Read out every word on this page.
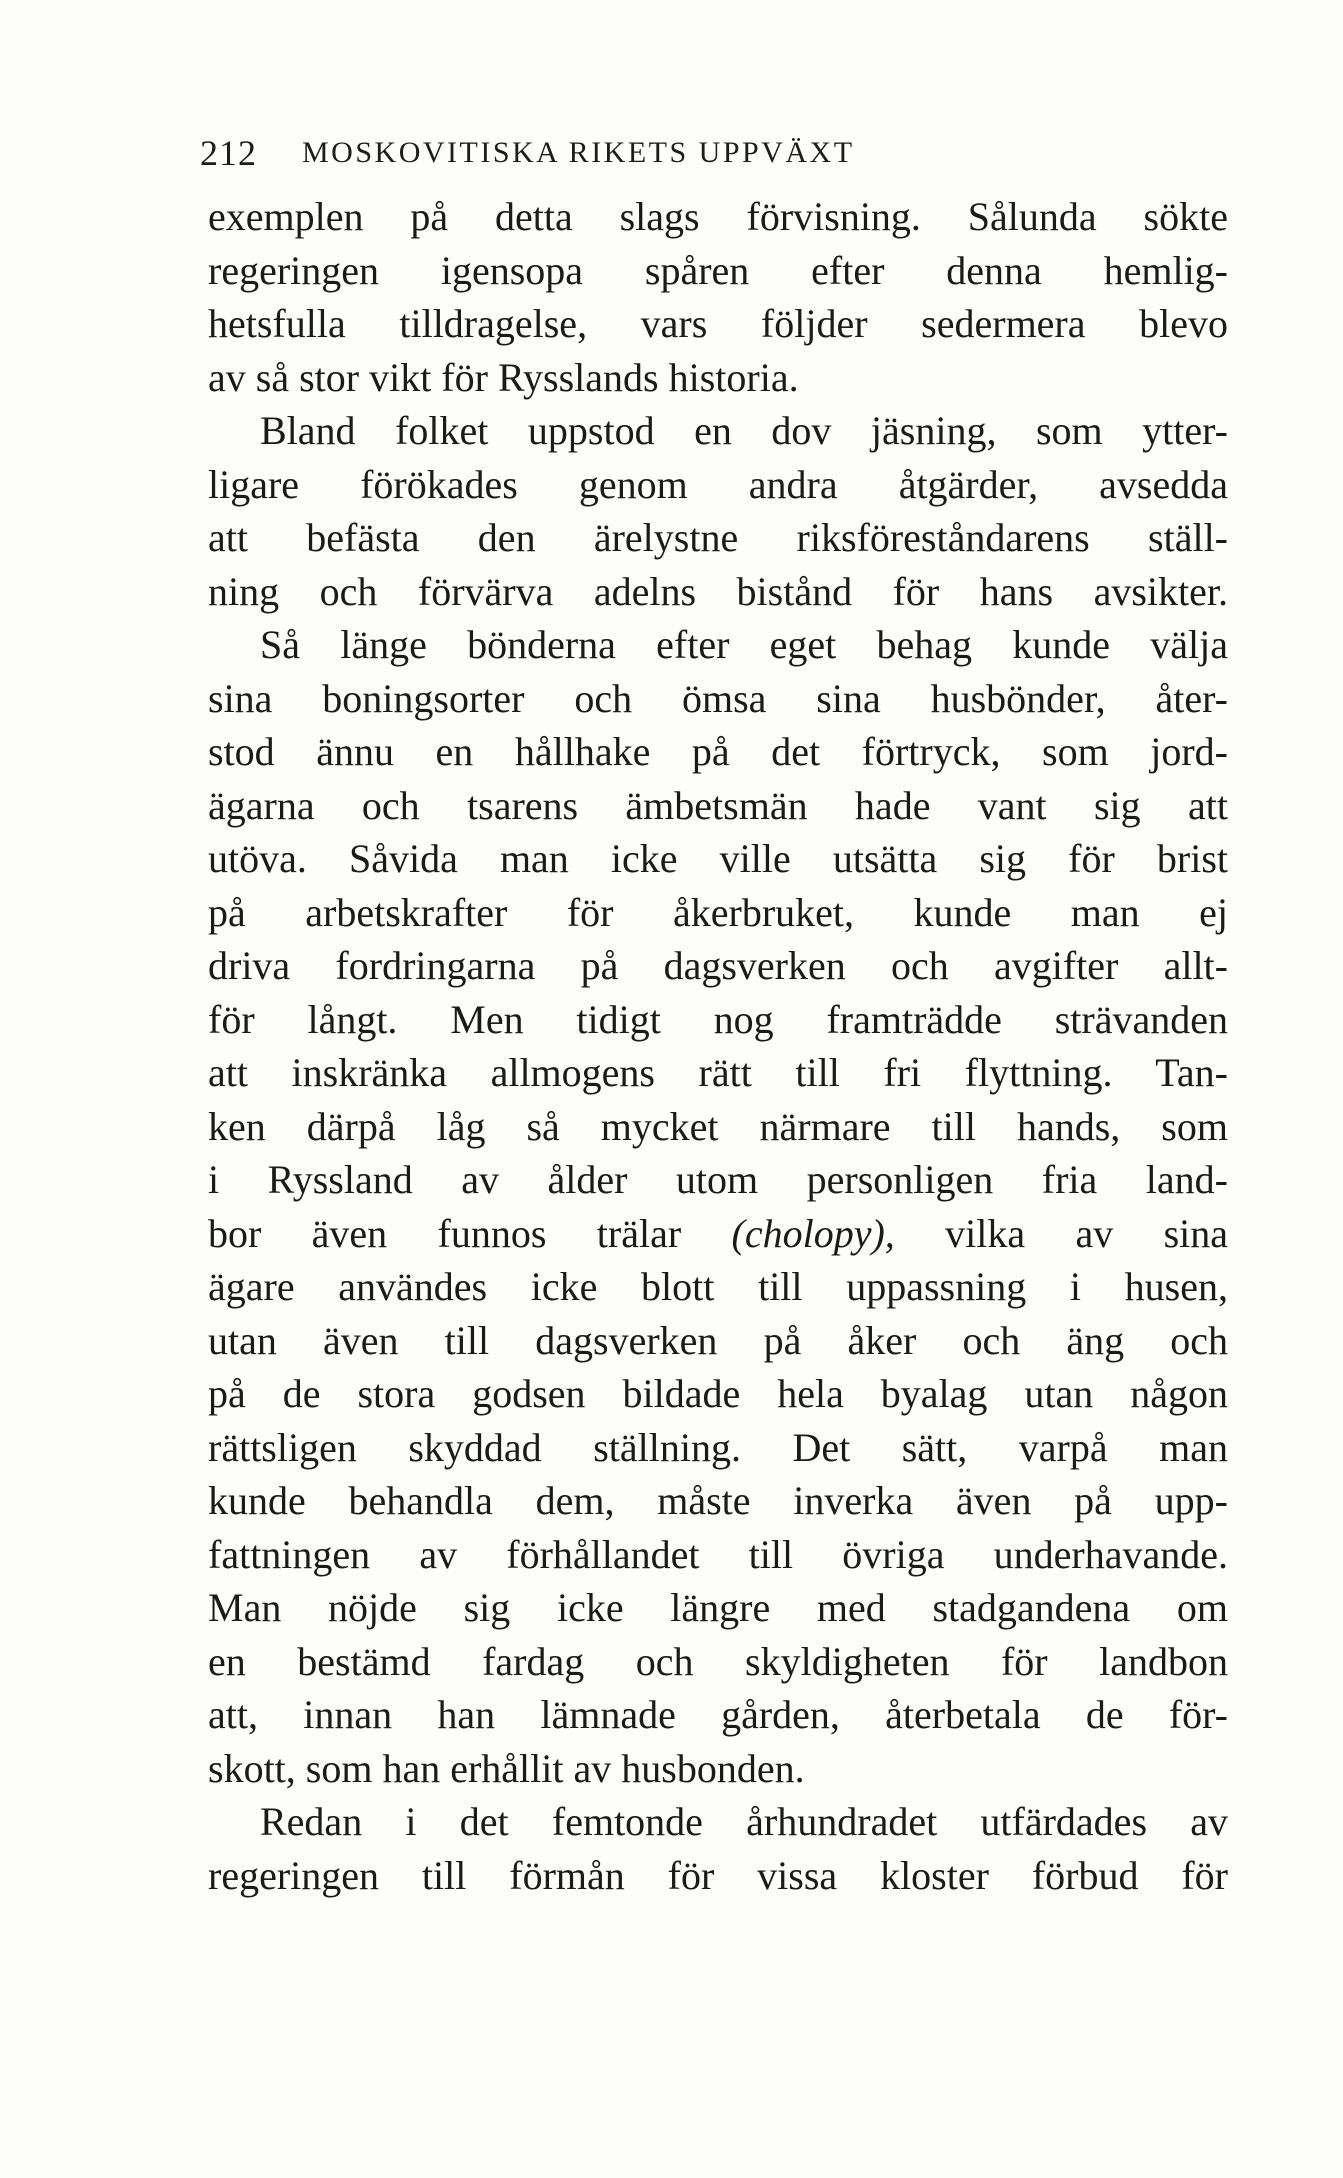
212 MOSKOVITISKA RIKETS UPPVÄXT
exemplen på detta slags förvisning. Sålunda sökte
regeringen igensopa spåren efter denna hemlig-
hetsfulla tilldragelse, vars följder sedermera blevo
av så stor vikt för Rysslands historia.
Bland folket uppstod en dov jäsning, som ytter-
ligare förökades genom andra åtgärder, avsedda
att befästa den ärelystne riksföreståndarens ställ-
ning och förvärva adelns bistånd för hans avsikter.
Så länge bönderna efter eget behag kunde välja
sina boningsorter och ömsa sina husbönder, åter-
stod ännu en hållhake på det förtryck, som jord-
ägarna och tsarens ämbetsmän hade vant sig att
utöva. Såvida man icke ville utsätta sig för brist
på arbetskrafter för åkerbruket, kunde man ej
driva fordringarna på dagsverken och avgifter allt-
för långt. Men tidigt nog framträdde strävanden
att inskränka allmogens rätt till fri flyttning. Tan-
ken därpå låg så mycket närmare till hands, som
i Ryssland av ålder utom personligen fria land-
bor även funnos trälar (cholopy), vilka av sina
ägare användes icke blott till uppassning i husen,
utan även till dagsverken på åker och äng och
på de stora godsen bildade hela byalag utan någon
rättsligen skyddad ställning. Det sätt, varpå man
kunde behandla dem, måste inverka även på upp-
fattningen av förhållandet till övriga underhavande.
Man nöjde sig icke längre med stadgandena om
en bestämd fardag och skyldigheten för landbon
att, innan han lämnade gården, återbetala de för-
skott, som han erhållit av husbonden.
Redan i det femtonde århundradet utfärdades av
regeringen till förmån för vissa kloster förbud för
